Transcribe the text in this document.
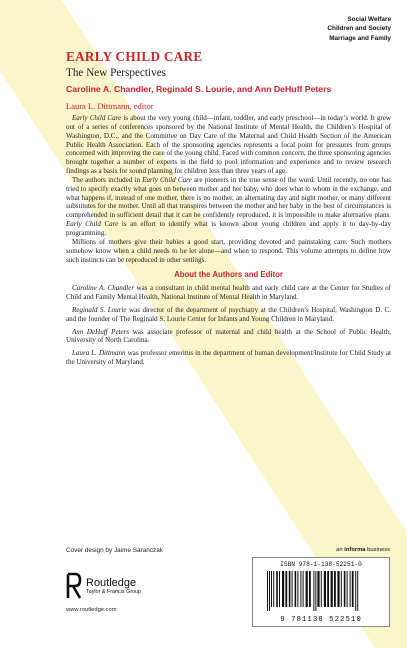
Social Welfare
Children and Society
Marriage and Family
EARLY CHILD CARE
The New Perspectives
Caroline A. Chandler, Reginald S. Lourie, and Ann DeHuff Peters
Laura L. Dittmann, editor

Early Child Care is about the very young child—infant, toddler, and early preschool—in today’s world. It grew out of a series of conferences sponsored by the National Institute of Mental Health, the Children’s Hospital of Washington, D.C., and the Committee on Day Care of the Maternal and Child Health Section of the American Public Health Association. Each of the sponsoring agencies represents a focal point for pressures from groups concerned with improving the care of the young child. Faced with common concern, the three sponsoring agencies brought together a number of experts in the field to pool information and experience and to review research findings as a basis for sound planning for children less than three years of age.

The authors included in Early Child Care are pioneers in the true sense of the word. Until recently, no one has tried to specify exactly what goes on between mother and her baby, who does what to whom in the exchange, and what happens if, instead of one mother, there is no mother, an alternating day and night mother, or many different substitutes for the mother. Until all that transpires between the mother and her baby in the best of circumstances is comprehended in sufficient detail that it can be confidently reproduced, it is impossible to make alternative plans. Early Child Care is an effort to identify what is known about young children and apply it to day-by-day programming.

Millions of mothers give their babies a good start, providing devoted and painstaking care. Such mothers somehow know when a child needs to be let alone—and when to respond. This volume attempts to define how such instincts can be reproduced in other settings.

About the Authors and Editor

Caroline A. Chandler was a consultant in child mental health and early child care at the Center for Studies of Child and Family Mental Health, National Institute of Mental Health in Maryland.

Reginald S. Lourie was director of the department of psychiatry at the Children’s Hospital, Washington D. C. and the founder of The Reginald S. Lourie Center for Infants and Young Children in Maryland.

Ann DeHuff Peters was associate professor of maternal and child health at the School of Public Health, University of North Carolina.

Laura L. Dittmann was professor emeritus in the department of human development/Institute for Child Study at the University of Maryland.

Cover design by Jaime Saranczak
Routledge
Taylor & Francis Group
www.routledge.com
an informa business
ISBN 978-1-138-52251-0
9 781138 522510
